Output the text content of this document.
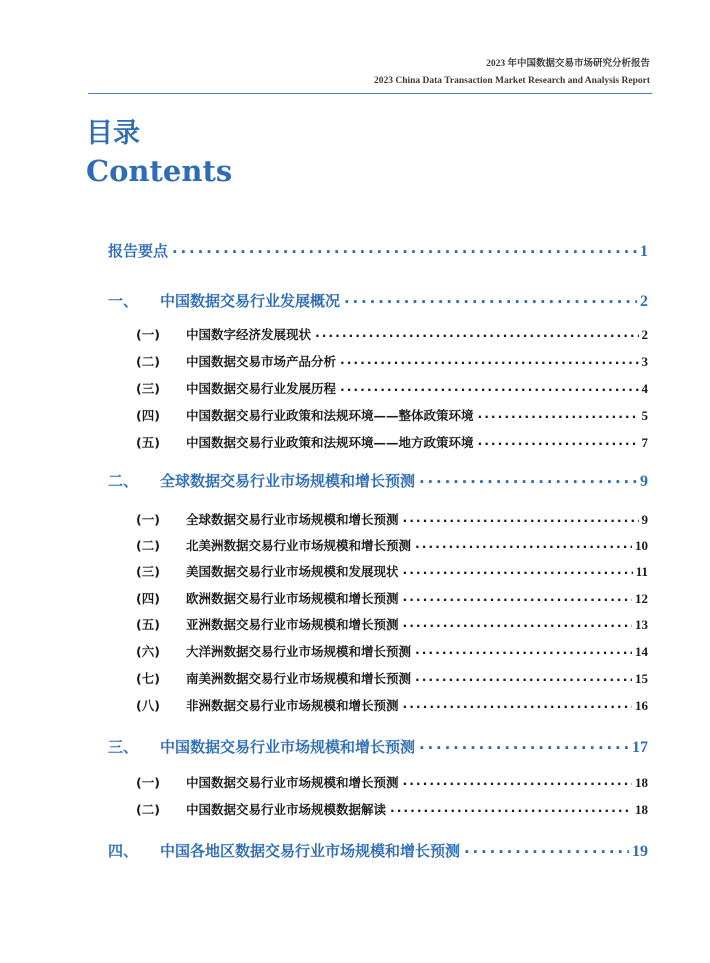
2023 年中国数据交易市场研究分析报告
2023 China Data Transaction Market Research and Analysis Report
目录
Contents
报告要点 . . .	1
一、	中国数据交易行业发展概况 . . .	2
(一)	中国数字经济发展现状 . . .	2
(二)	中国数据交易市场产品分析 . . .	3
(三)	中国数据交易行业发展历程 . . .	4
(四)	中国数据交易行业政策和法规环境——整体政策环境 . . .	5
(五)	中国数据交易行业政策和法规环境——地方政策环境 . . .	7
二、	全球数据交易行业市场规模和增长预测 . . .	9
(一)	全球数据交易行业市场规模和增长预测 . . .	9
(二)	北美洲数据交易行业市场规模和增长预测 . . .	10
(三)	美国数据交易行业市场规模和发展现状 . . .	11
(四)	欧洲数据交易行业市场规模和增长预测 . . .	12
(五)	亚洲数据交易行业市场规模和增长预测 . . .	13
(六)	大洋洲数据交易行业市场规模和增长预测 . . .	14
(七)	南美洲数据交易行业市场规模和增长预测 . . .	15
(八)	非洲数据交易行业市场规模和增长预测 . . .	16
三、	中国数据交易行业市场规模和增长预测 . . .	17
(一)	中国数据交易行业市场规模和增长预测 . . .	18
(二)	中国数据交易行业市场规模数据解读 . . .	18
四、	中国各地区数据交易行业市场规模和增长预测 . . .	19
